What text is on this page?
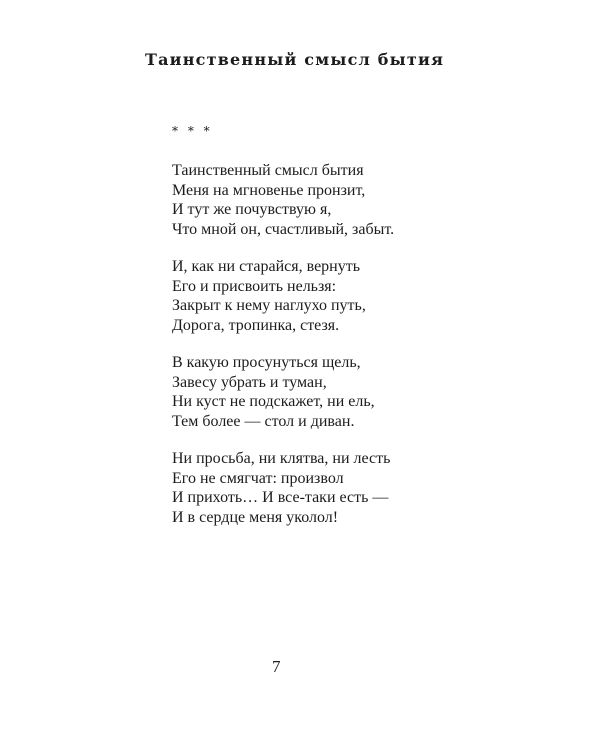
Таинственный смысл бытия

* * *

Таинственный смысл бытия
Меня на мгновенье пронзит,
И тут же почувствую я,
Что мной он, счастливый, забыт.
И, как ни старайся, вернуть
Его и присвоить нельзя:
Закрыт к нему наглухо путь,
Дорога, тропинка, стезя.
В какую просунуться щель,
Завесу убрать и туман,
Ни куст не подскажет, ни ель,
Тем более — стол и диван.
Ни просьба, ни клятва, ни лесть
Его не смягчат: произвол
И прихоть… И все-таки есть —
И в сердце меня уколол!

7
